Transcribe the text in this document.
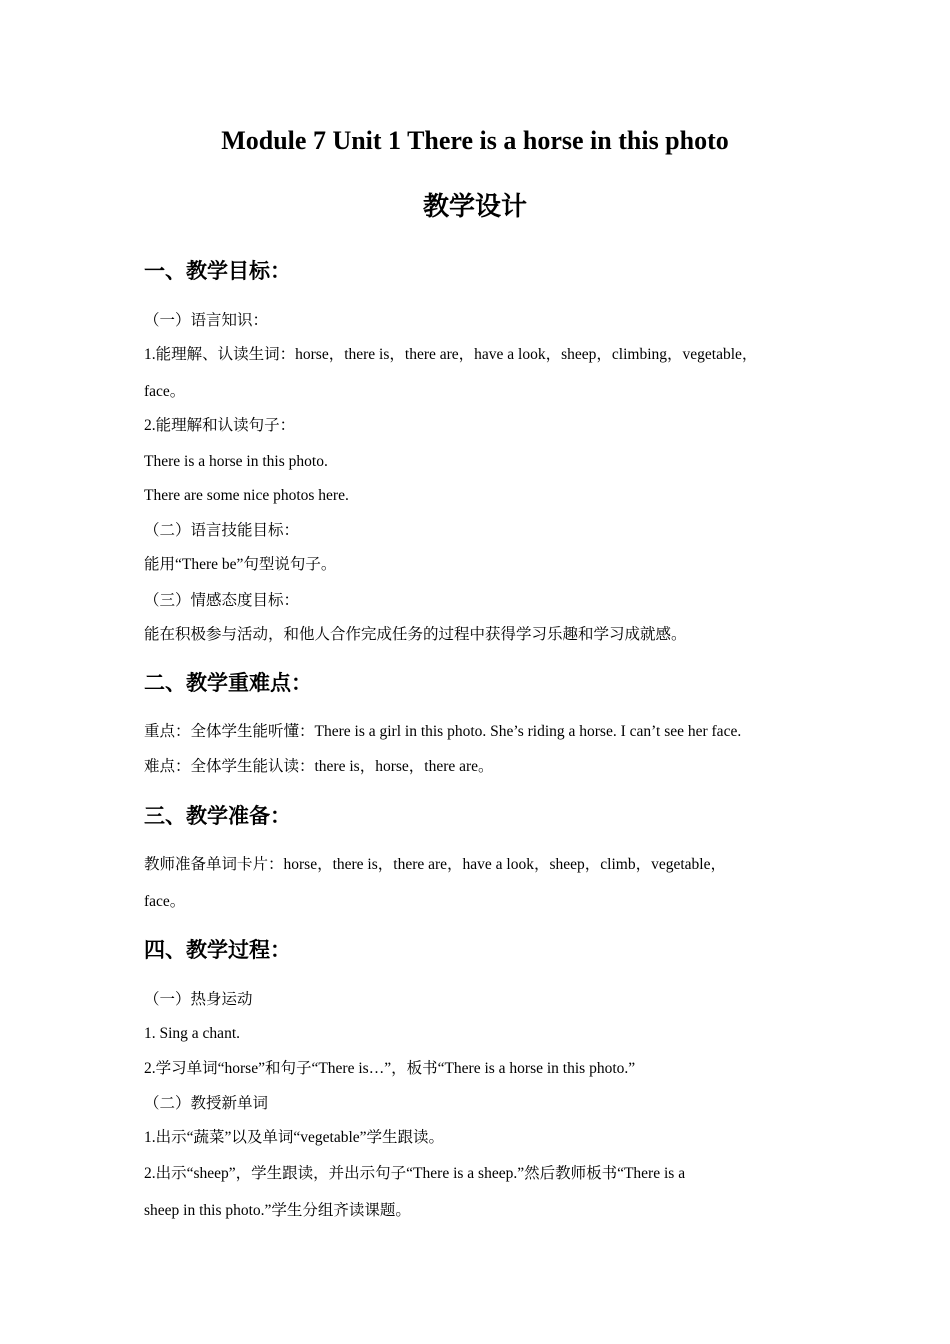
Module 7 Unit 1 There is a horse in this photo
教学设计
一、教学目标：
（一）语言知识：
1.能理解、认读生词：horse，there is，there are，have a look，sheep，climbing，vegetable，
face。
2.能理解和认读句子：
There is a horse in this photo.
There are some nice photos here.
（二）语言技能目标：
能用“There be”句型说句子。
（三）情感态度目标：
能在积极参与活动，和他人合作完成任务的过程中获得学习乐趣和学习成就感。
二、教学重难点：
重点：全体学生能听懂：There is a girl in this photo. She’s riding a horse. I can’t see her face.
难点：全体学生能认读：there is，horse，there are。
三、教学准备：
教师准备单词卡片：horse，there is，there are，have a look，sheep，climb，vegetable，
face。
四、教学过程：
（一）热身运动
1. Sing a chant.
2.学习单词“horse”和句子“There is…”，板书“There is a horse in this photo.”
（二）教授新单词
1.出示“蔬菜”以及单词“vegetable”学生跟读。
2.出示“sheep”，学生跟读，并出示句子“There is a sheep.”然后教师板书“There is a
sheep in this photo.”学生分组齐读课题。
